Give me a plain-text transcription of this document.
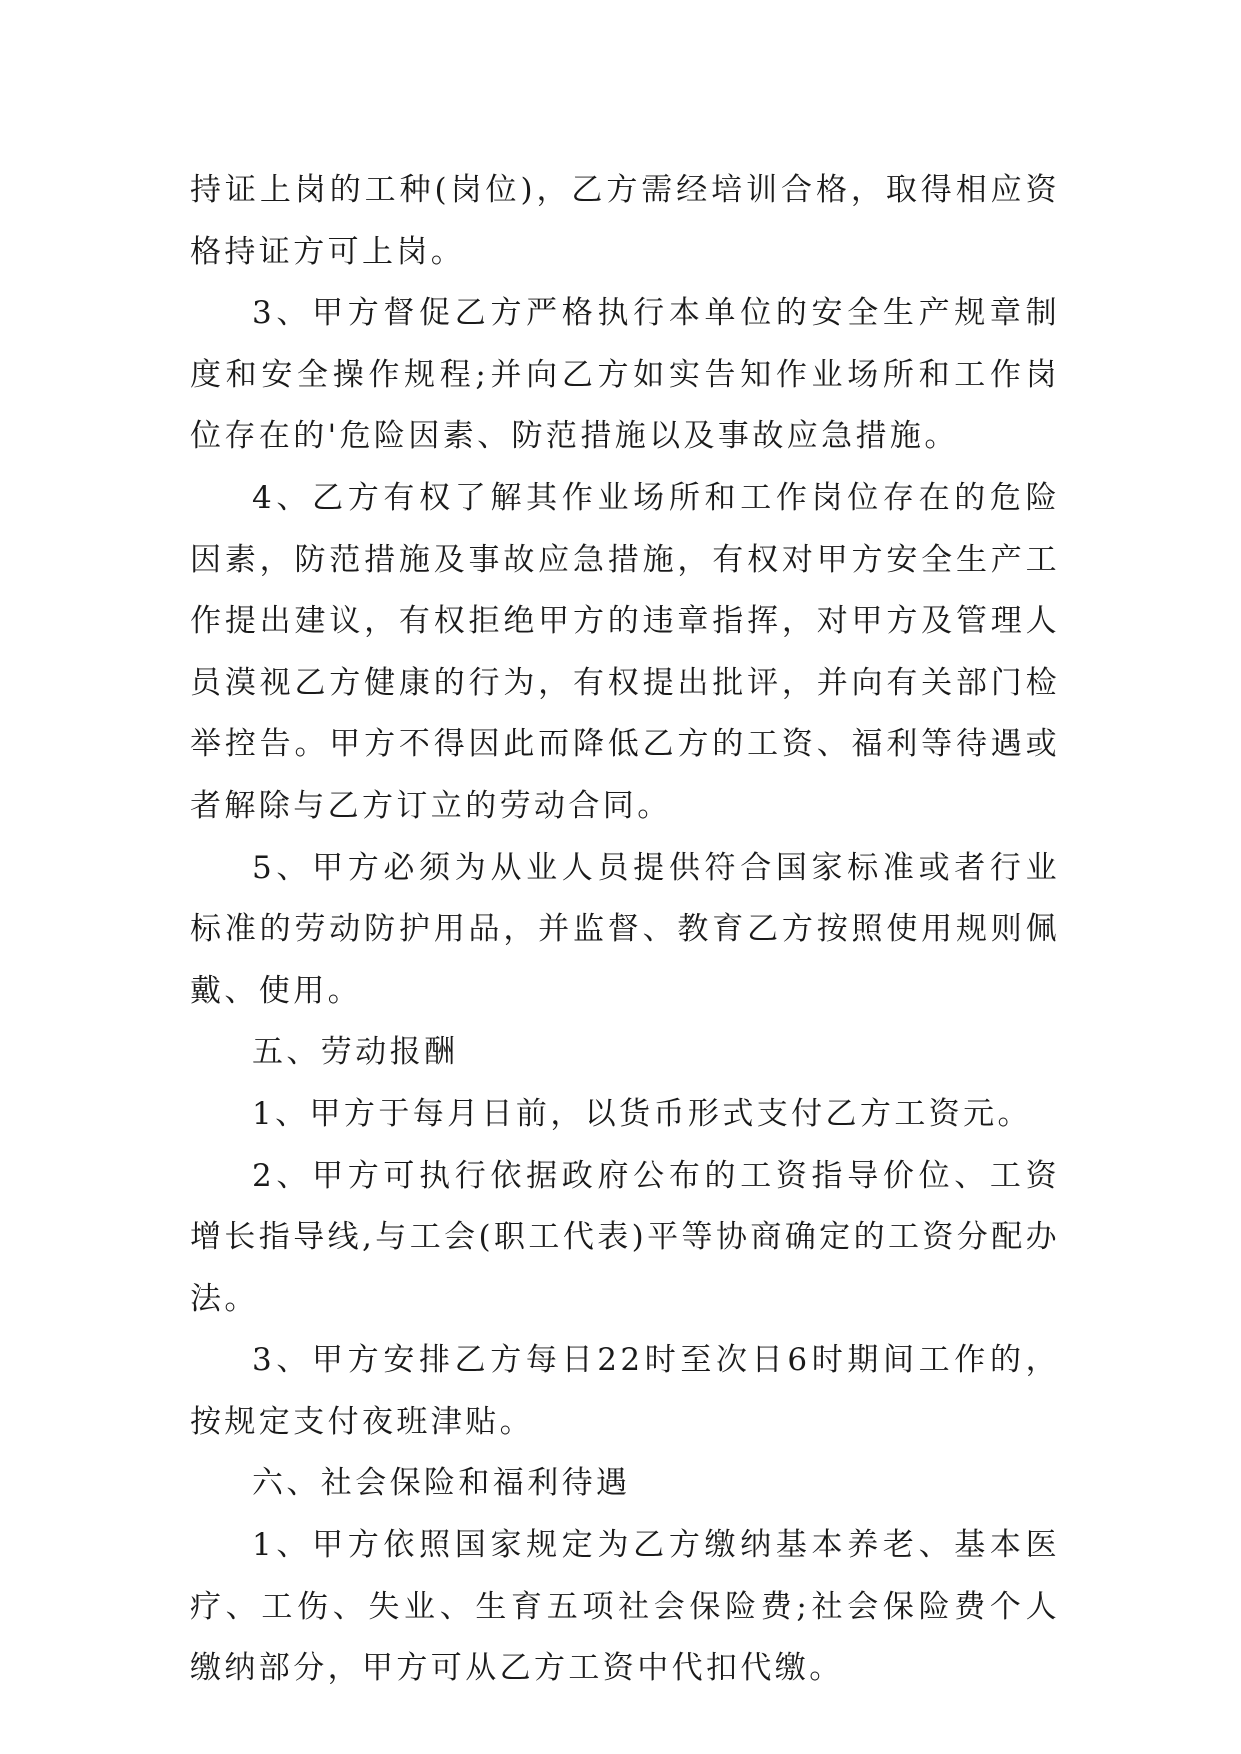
持证上岗的工种(岗位)，乙方需经培训合格，取得相应资格持证方可上岗。

3、甲方督促乙方严格执行本单位的安全生产规章制度和安全操作规程;并向乙方如实告知作业场所和工作岗位存在的'危险因素、防范措施以及事故应急措施。

4、乙方有权了解其作业场所和工作岗位存在的危险因素，防范措施及事故应急措施，有权对甲方安全生产工作提出建议，有权拒绝甲方的违章指挥，对甲方及管理人员漠视乙方健康的行为，有权提出批评，并向有关部门检举控告。甲方不得因此而降低乙方的工资、福利等待遇或者解除与乙方订立的劳动合同。

5、甲方必须为从业人员提供符合国家标准或者行业标准的劳动防护用品，并监督、教育乙方按照使用规则佩戴、使用。

五、劳动报酬

1、甲方于每月日前，以货币形式支付乙方工资元。

2、甲方可执行依据政府公布的工资指导价位、工资增长指导线,与工会(职工代表)平等协商确定的工资分配办法。

3、甲方安排乙方每日22时至次日6时期间工作的，按规定支付夜班津贴。

六、社会保险和福利待遇

1、甲方依照国家规定为乙方缴纳基本养老、基本医疗、工伤、失业、生育五项社会保险费;社会保险费个人缴纳部分，甲方可从乙方工资中代扣代缴。
